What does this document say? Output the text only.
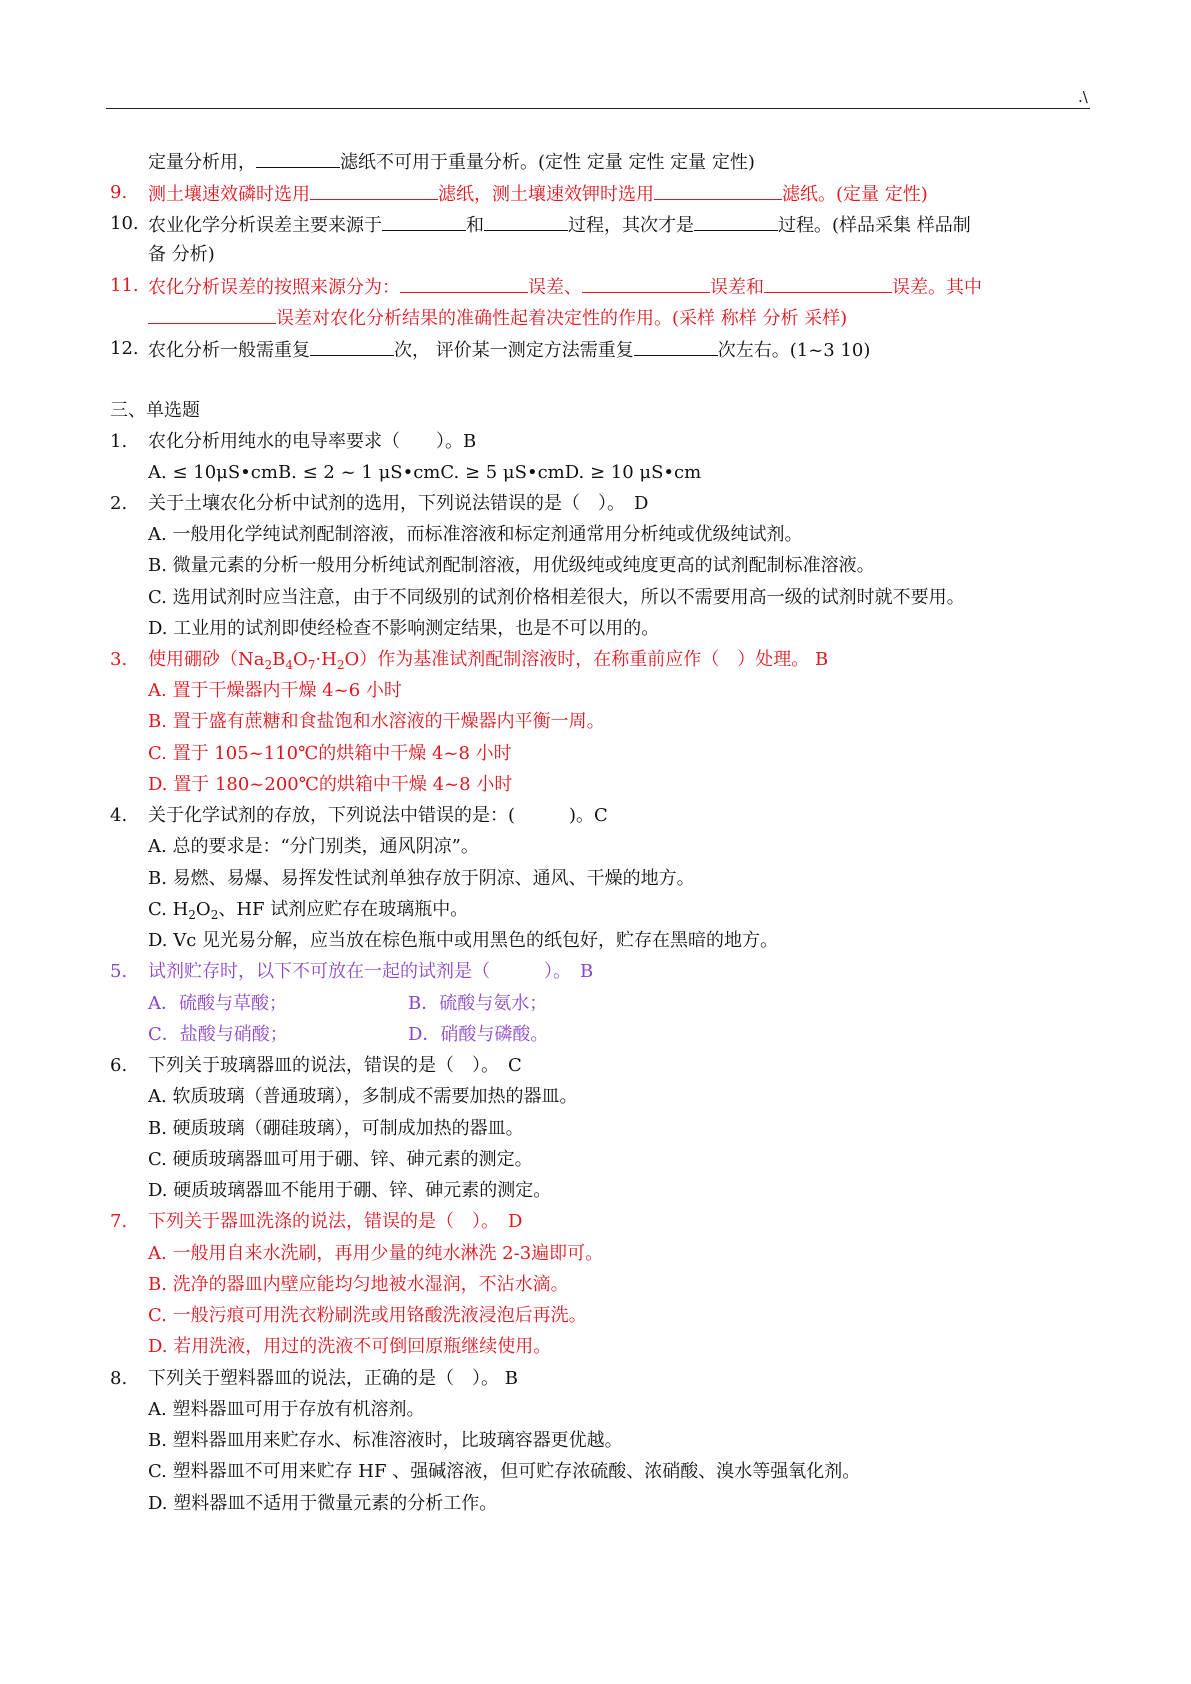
.\
定量分析用，	滤纸不可用于重量分析。(定性 定量 定性 定量 定性)
9. 测土壤速效磷时选用	滤纸，测土壤速效钾时选用	滤纸。(定量 定性)
10. 农业化学分析误差主要来源于	和	过程，其次才是	过程。(样品采集 样品制
备 分析)
11. 农化分析误差的按照来源分为：	误差、	误差和	误差。其中
误差对农化分析结果的准确性起着决定性的作用。(采样 称样 分析 采样)
12. 农化分析一般需重复	次， 评价某一测定方法需重复	次左右。(1~3 10)
三、单选题
1. 农化分析用纯水的电导率要求（　　）。B
A. ≤ 10μS•cmB. ≤ 2 ~ 1 μS•cmC. ≥ 5 μS•cmD. ≥ 10 μS•cm
2. 关于土壤农化分析中试剂的选用，下列说法错误的是（　）。　D
A. 一般用化学纯试剂配制溶液，而标准溶液和标定剂通常用分析纯或优级纯试剂。
B. 微量元素的分析一般用分析纯试剂配制溶液，用优级纯或纯度更高的试剂配制标准溶液。
C. 选用试剂时应当注意，由于不同级别的试剂价格相差很大，所以不需要用高一级的试剂时就不要用。
D. 工业用的试剂即使经检查不影响测定结果，也是不可以用的。
3. 使用硼砂$(Na_2B_4O_7\cdot H_2O)$作为基准试剂配制溶液时，在称重前应作（　）处理。 B
A. 置于干燥器内干燥 4~6 小时
B. 置于盛有蔗糖和食盐饱和水溶液的干燥器内平衡一周。
C. 置于 105~110℃的烘箱中干燥 4~8 小时
D. 置于 180~200℃的烘箱中干燥 4~8 小时
4. 关于化学试剂的存放，下列说法中错误的是：(　　　)。C
A. 总的要求是：“分门别类，通风阴凉”。
B. 易燃、易爆、易挥发性试剂单独存放于阴凉、通风、干燥的地方。
C. $H_2O_2$、HF 试剂应贮存在玻璃瓶中。
D. Vc 见光易分解，应当放在棕色瓶中或用黑色的纸包好，贮存在黑暗的地方。
5. 试剂贮存时，以下不可放在一起的试剂是（　　　）。　B
A．硫酸与草酸；	B．硫酸与氨水；
C．盐酸与硝酸；	D．硝酸与磷酸。
6. 下列关于玻璃器皿的说法，错误的是（　）。　C
A. 软质玻璃（普通玻璃），多制成不需要加热的器皿。
B. 硬质玻璃（硼硅玻璃），可制成加热的器皿。
C. 硬质玻璃器皿可用于硼、锌、砷元素的测定。
D. 硬质玻璃器皿不能用于硼、锌、砷元素的测定。
7. 下列关于器皿洗涤的说法，错误的是（　）。　D
A. 一般用自来水洗刷，再用少量的纯水淋洗 2-3遍即可。
B. 洗净的器皿内壁应能均匀地被水湿润，不沾水滴。
C. 一般污痕可用洗衣粉刷洗或用铬酸洗液浸泡后再洗。
D. 若用洗液，用过的洗液不可倒回原瓶继续使用。
8. 下列关于塑料器皿的说法，正确的是（　）。 B
A. 塑料器皿可用于存放有机溶剂。
B. 塑料器皿用来贮存水、标准溶液时，比玻璃容器更优越。
C. 塑料器皿不可用来贮存 HF 、强碱溶液，但可贮存浓硫酸、浓硝酸、溴水等强氧化剂。
D. 塑料器皿不适用于微量元素的分析工作。
